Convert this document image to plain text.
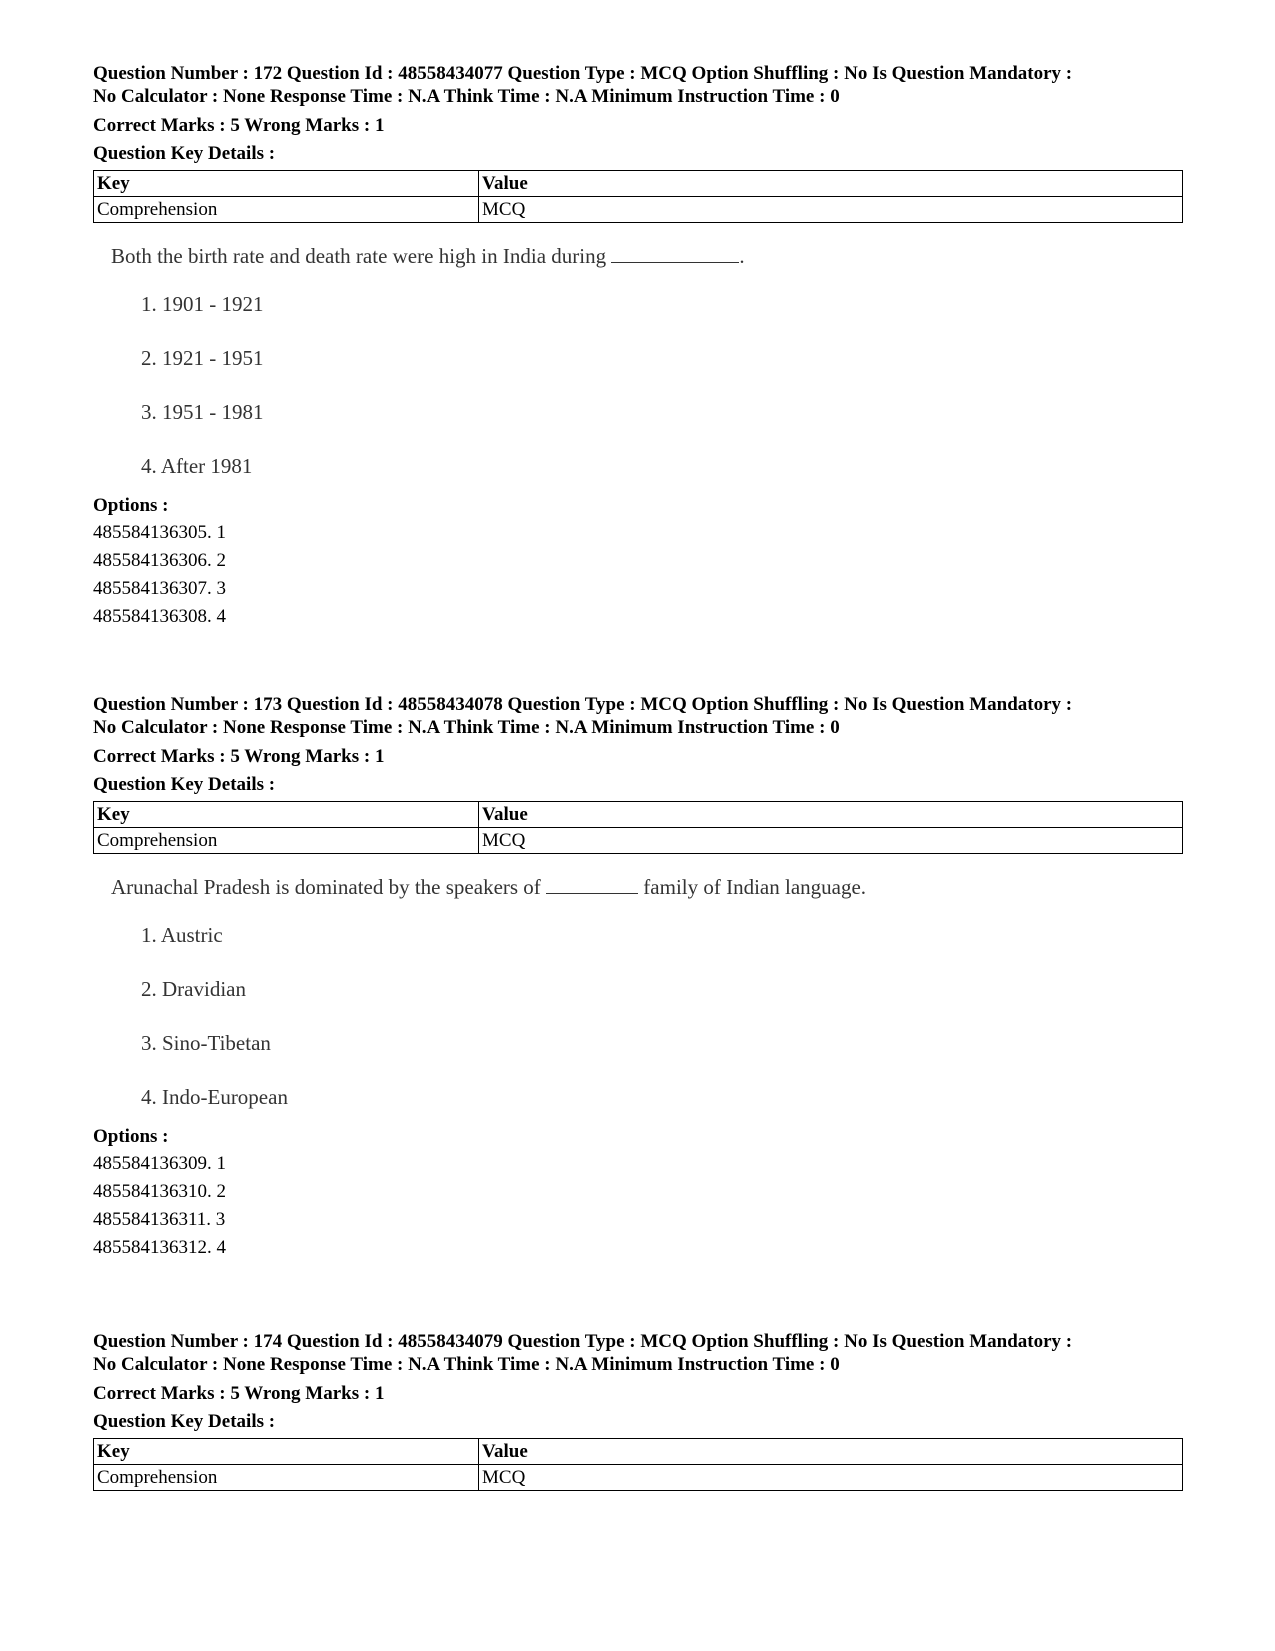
Question Number : 172 Question Id : 48558434077 Question Type : MCQ Option Shuffling : No Is Question Mandatory :

No Calculator : None Response Time : N.A Think Time : N.A Minimum Instruction Time : 0

Correct Marks : 5 Wrong Marks : 1
Question Key Details :
Key	Value
Comprehension	MCQ

Both the birth rate and death rate were high in India during	.

1. 1901 - 1921
2. 1921 - 1951
3. 1951 - 1981
4. After 1981
Options :
485584136305. 1
485584136306. 2
485584136307. 3
485584136308. 4

Question Number : 173 Question Id : 48558434078 Question Type : MCQ Option Shuffling : No Is Question Mandatory :

No Calculator : None Response Time : N.A Think Time : N.A Minimum Instruction Time : 0

Correct Marks : 5 Wrong Marks : 1
Question Key Details :
Key	Value
Comprehension	MCQ

Arunachal Pradesh is dominated by the speakers of	family of Indian language.

1. Austric
2. Dravidian
3. Sino-Tibetan
4. Indo-European
Options :
485584136309. 1
485584136310. 2
485584136311. 3
485584136312. 4

Question Number : 174 Question Id : 48558434079 Question Type : MCQ Option Shuffling : No Is Question Mandatory :

No Calculator : None Response Time : N.A Think Time : N.A Minimum Instruction Time : 0

Correct Marks : 5 Wrong Marks : 1
Question Key Details :
Key	Value
Comprehension	MCQ
